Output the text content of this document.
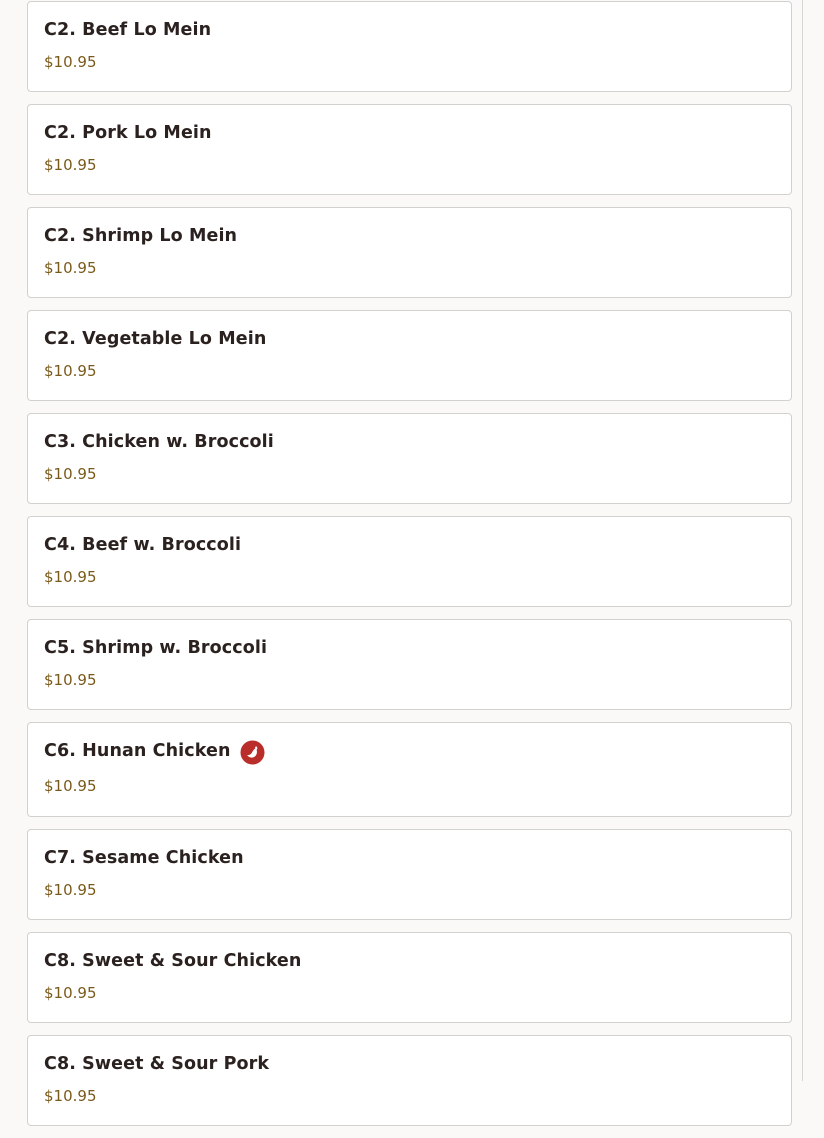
C2. Beef Lo Mein
$10.95
C2. Pork Lo Mein
$10.95
C2. Shrimp Lo Mein
$10.95
C2. Vegetable Lo Mein
$10.95
C3. Chicken w. Broccoli
$10.95
C4. Beef w. Broccoli
$10.95
C5. Shrimp w. Broccoli
$10.95
C6. Hunan Chicken
$10.95
C7. Sesame Chicken
$10.95
C8. Sweet & Sour Chicken
$10.95
C8. Sweet & Sour Pork
$10.95
